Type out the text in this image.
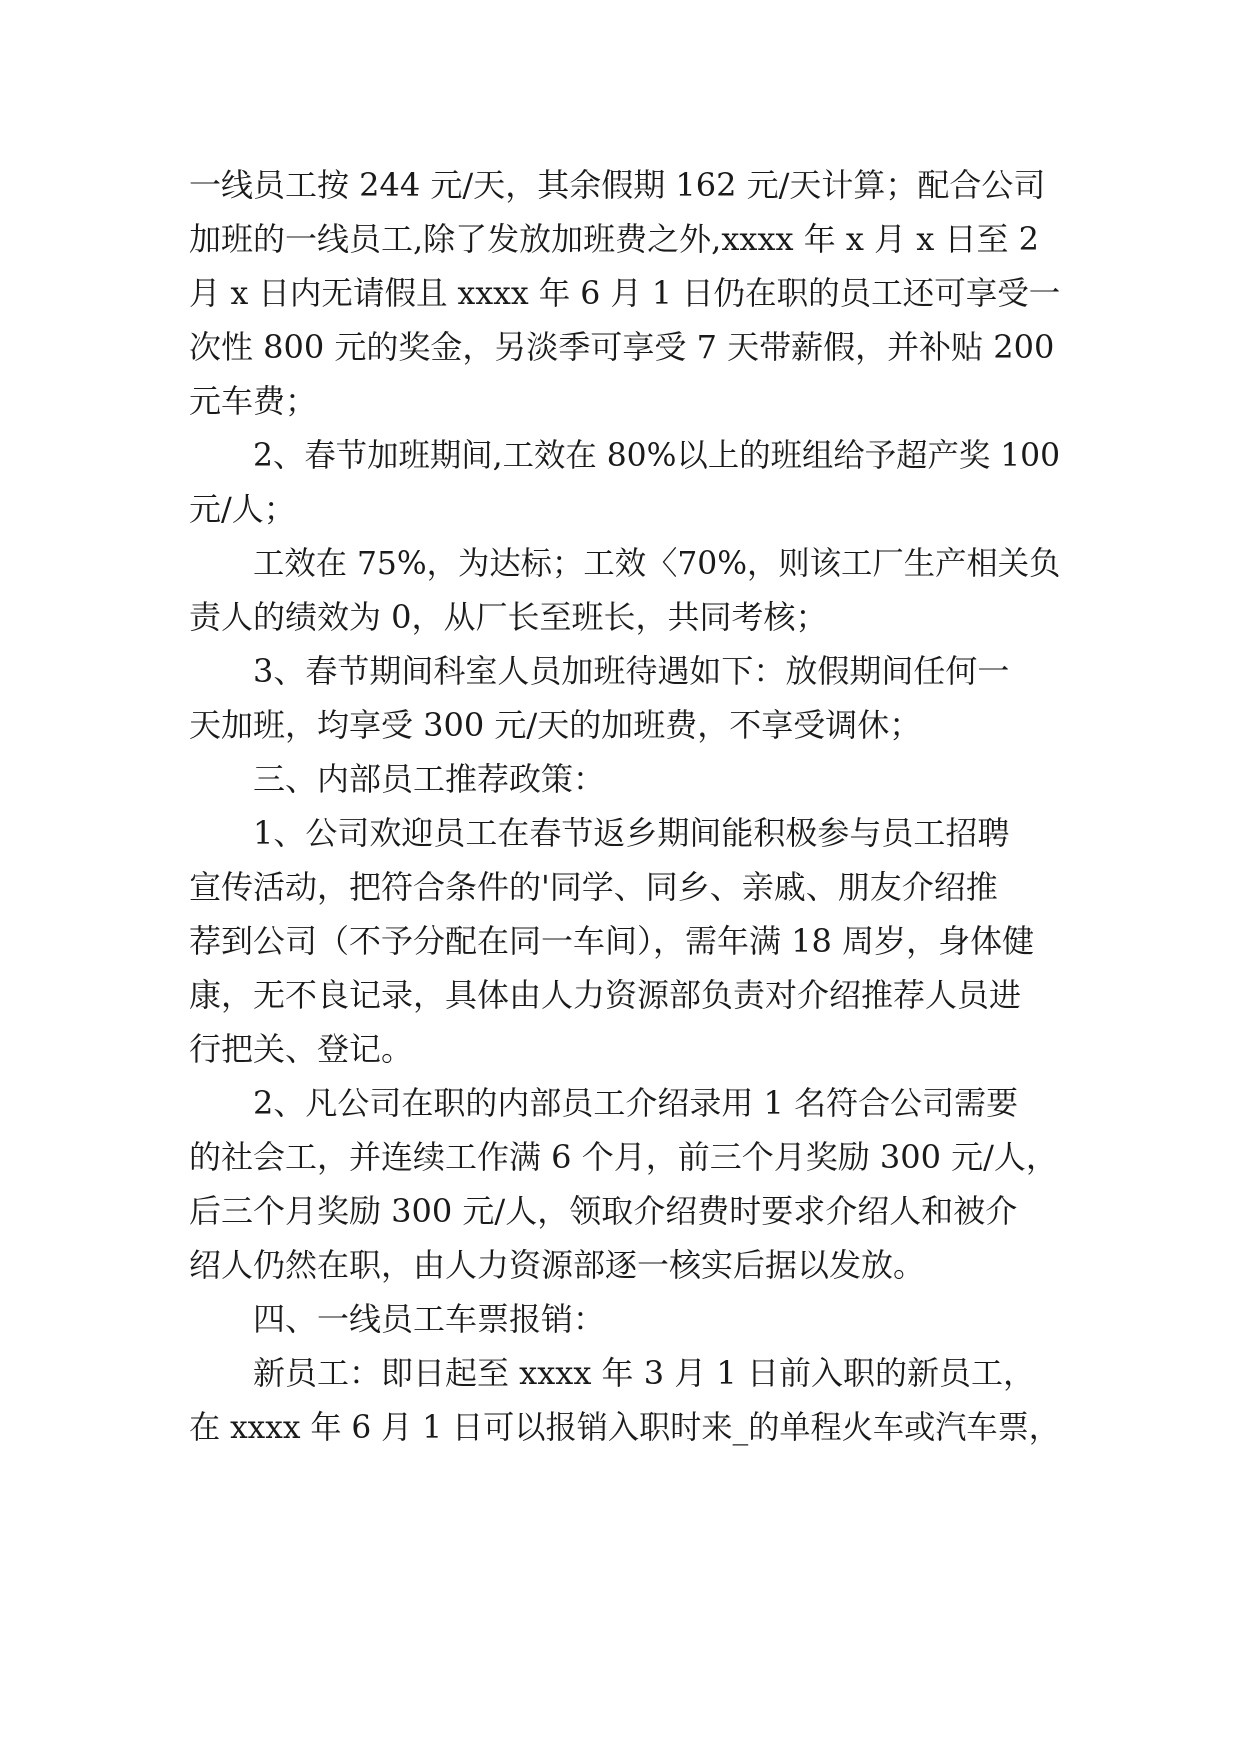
一线员工按 244 元/天，其余假期 162 元/天计算；配合公司
加班的一线员工,除了发放加班费之外,xxxx 年 x 月 x 日至 2
月 x 日内无请假且 xxxx 年 6 月 1 日仍在职的员工还可享受一
次性 800 元的奖金，另淡季可享受 7 天带薪假，并补贴 200
元车费；
2、春节加班期间,工效在 80%以上的班组给予超产奖 100
元/人；
工效在 75%，为达标；工效〈70%，则该工厂生产相关负
责人的绩效为 0，从厂长至班长，共同考核；
3、春节期间科室人员加班待遇如下：放假期间任何一
天加班，均享受 300 元/天的加班费，不享受调休；
三、内部员工推荐政策：
1、公司欢迎员工在春节返乡期间能积极参与员工招聘
宣传活动，把符合条件的'同学、同乡、亲戚、朋友介绍推
荐到公司（不予分配在同一车间），需年满 18 周岁，身体健
康，无不良记录，具体由人力资源部负责对介绍推荐人员进
行把关、登记。
2、凡公司在职的内部员工介绍录用 1 名符合公司需要
的社会工，并连续工作满 6 个月，前三个月奖励 300 元/人，
后三个月奖励 300 元/人，领取介绍费时要求介绍人和被介
绍人仍然在职，由人力资源部逐一核实后据以发放。
四、一线员工车票报销：
新员工：即日起至 xxxx 年 3 月 1 日前入职的新员工，
在 xxxx 年 6 月 1 日可以报销入职时来_的单程火车或汽车票，
